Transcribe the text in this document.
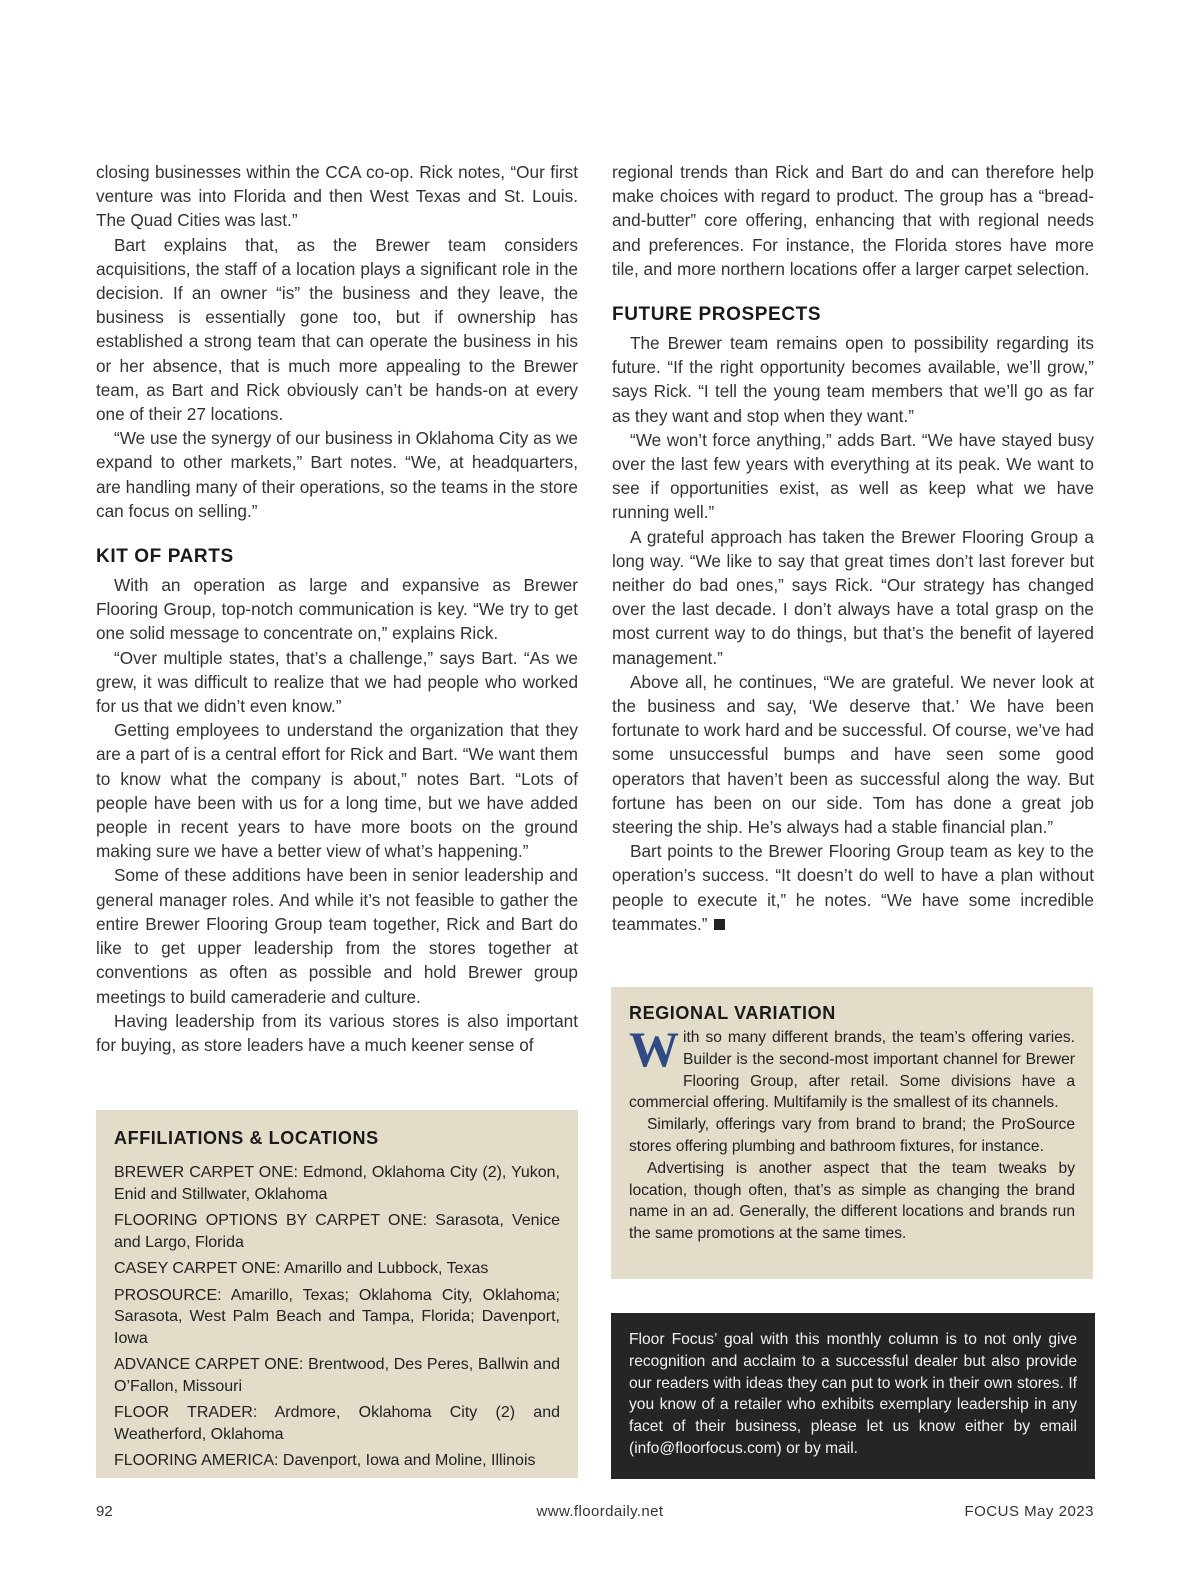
closing businesses within the CCA co-op. Rick notes, “Our first venture was into Florida and then West Texas and St. Louis. The Quad Cities was last.”

Bart explains that, as the Brewer team considers acquisitions, the staff of a location plays a significant role in the decision. If an owner “is” the business and they leave, the business is essentially gone too, but if ownership has established a strong team that can operate the business in his or her absence, that is much more appealing to the Brewer team, as Bart and Rick obviously can’t be hands-on at every one of their 27 locations.

“We use the synergy of our business in Oklahoma City as we expand to other markets,” Bart notes. “We, at headquarters, are handling many of their operations, so the teams in the store can focus on selling.”

KIT OF PARTS

With an operation as large and expansive as Brewer Flooring Group, top-notch communication is key. “We try to get one solid message to concentrate on,” explains Rick.

“Over multiple states, that’s a challenge,” says Bart. “As we grew, it was difficult to realize that we had people who worked for us that we didn’t even know.”

Getting employees to understand the organization that they are a part of is a central effort for Rick and Bart. “We want them to know what the company is about,” notes Bart. “Lots of people have been with us for a long time, but we have added people in recent years to have more boots on the ground making sure we have a better view of what’s happening.”

Some of these additions have been in senior leadership and general manager roles. And while it’s not feasible to gather the entire Brewer Flooring Group team together, Rick and Bart do like to get upper leadership from the stores together at conventions as often as possible and hold Brewer group meetings to build cameraderie and culture.

Having leadership from its various stores is also important for buying, as store leaders have a much keener sense of

regional trends than Rick and Bart do and can therefore help make choices with regard to product. The group has a “bread-and-butter” core offering, enhancing that with regional needs and preferences. For instance, the Florida stores have more tile, and more northern locations offer a larger carpet selection.

FUTURE PROSPECTS

The Brewer team remains open to possibility regarding its future. “If the right opportunity becomes available, we’ll grow,” says Rick. “I tell the young team members that we’ll go as far as they want and stop when they want.”

“We won’t force anything,” adds Bart. “We have stayed busy over the last few years with everything at its peak. We want to see if opportunities exist, as well as keep what we have running well.”

A grateful approach has taken the Brewer Flooring Group a long way. “We like to say that great times don’t last forever but neither do bad ones,” says Rick. “Our strategy has changed over the last decade. I don’t always have a total grasp on the most current way to do things, but that’s the benefit of layered management.”

Above all, he continues, “We are grateful. We never look at the business and say, ‘We deserve that.’ We have been fortunate to work hard and be successful. Of course, we’ve had some unsuccessful bumps and have seen some good operators that haven’t been as successful along the way. But fortune has been on our side. Tom has done a great job steering the ship. He’s always had a stable financial plan.”

Bart points to the Brewer Flooring Group team as key to the operation’s success. “It doesn’t do well to have a plan without people to execute it,” he notes. “We have some incredible teammates.”

AFFILIATIONS & LOCATIONS
BREWER CARPET ONE: Edmond, Oklahoma City (2), Yukon, Enid and Stillwater, Oklahoma
FLOORING OPTIONS BY CARPET ONE: Sarasota, Venice and Largo, Florida
CASEY CARPET ONE: Amarillo and Lubbock, Texas
PROSOURCE: Amarillo, Texas; Oklahoma City, Oklahoma; Sarasota, West Palm Beach and Tampa, Florida; Davenport, Iowa
ADVANCE CARPET ONE: Brentwood, Des Peres, Ballwin and O’Fallon, Missouri
FLOOR TRADER: Ardmore, Oklahoma City (2) and Weatherford, Oklahoma
FLOORING AMERICA: Davenport, Iowa and Moline, Illinois
REGIONAL VARIATION

With so many different brands, the team’s offering varies. Builder is the second-most important channel for Brewer Flooring Group, after retail. Some divisions have a commercial offering. Multifamily is the smallest of its channels.

Similarly, offerings vary from brand to brand; the ProSource stores offering plumbing and bathroom fixtures, for instance.

Advertising is another aspect that the team tweaks by location, though often, that’s as simple as changing the brand name in an ad. Generally, the different locations and brands run the same promotions at the same times.

Floor Focus’ goal with this monthly column is to not only give recognition and acclaim to a successful dealer but also provide our readers with ideas they can put to work in their own stores. If you know of a retailer who exhibits exemplary leadership in any facet of their business, please let us know either by email (info@floorfocus.com) or by mail.

www.floordaily.net
92	FOCUS May 2023
